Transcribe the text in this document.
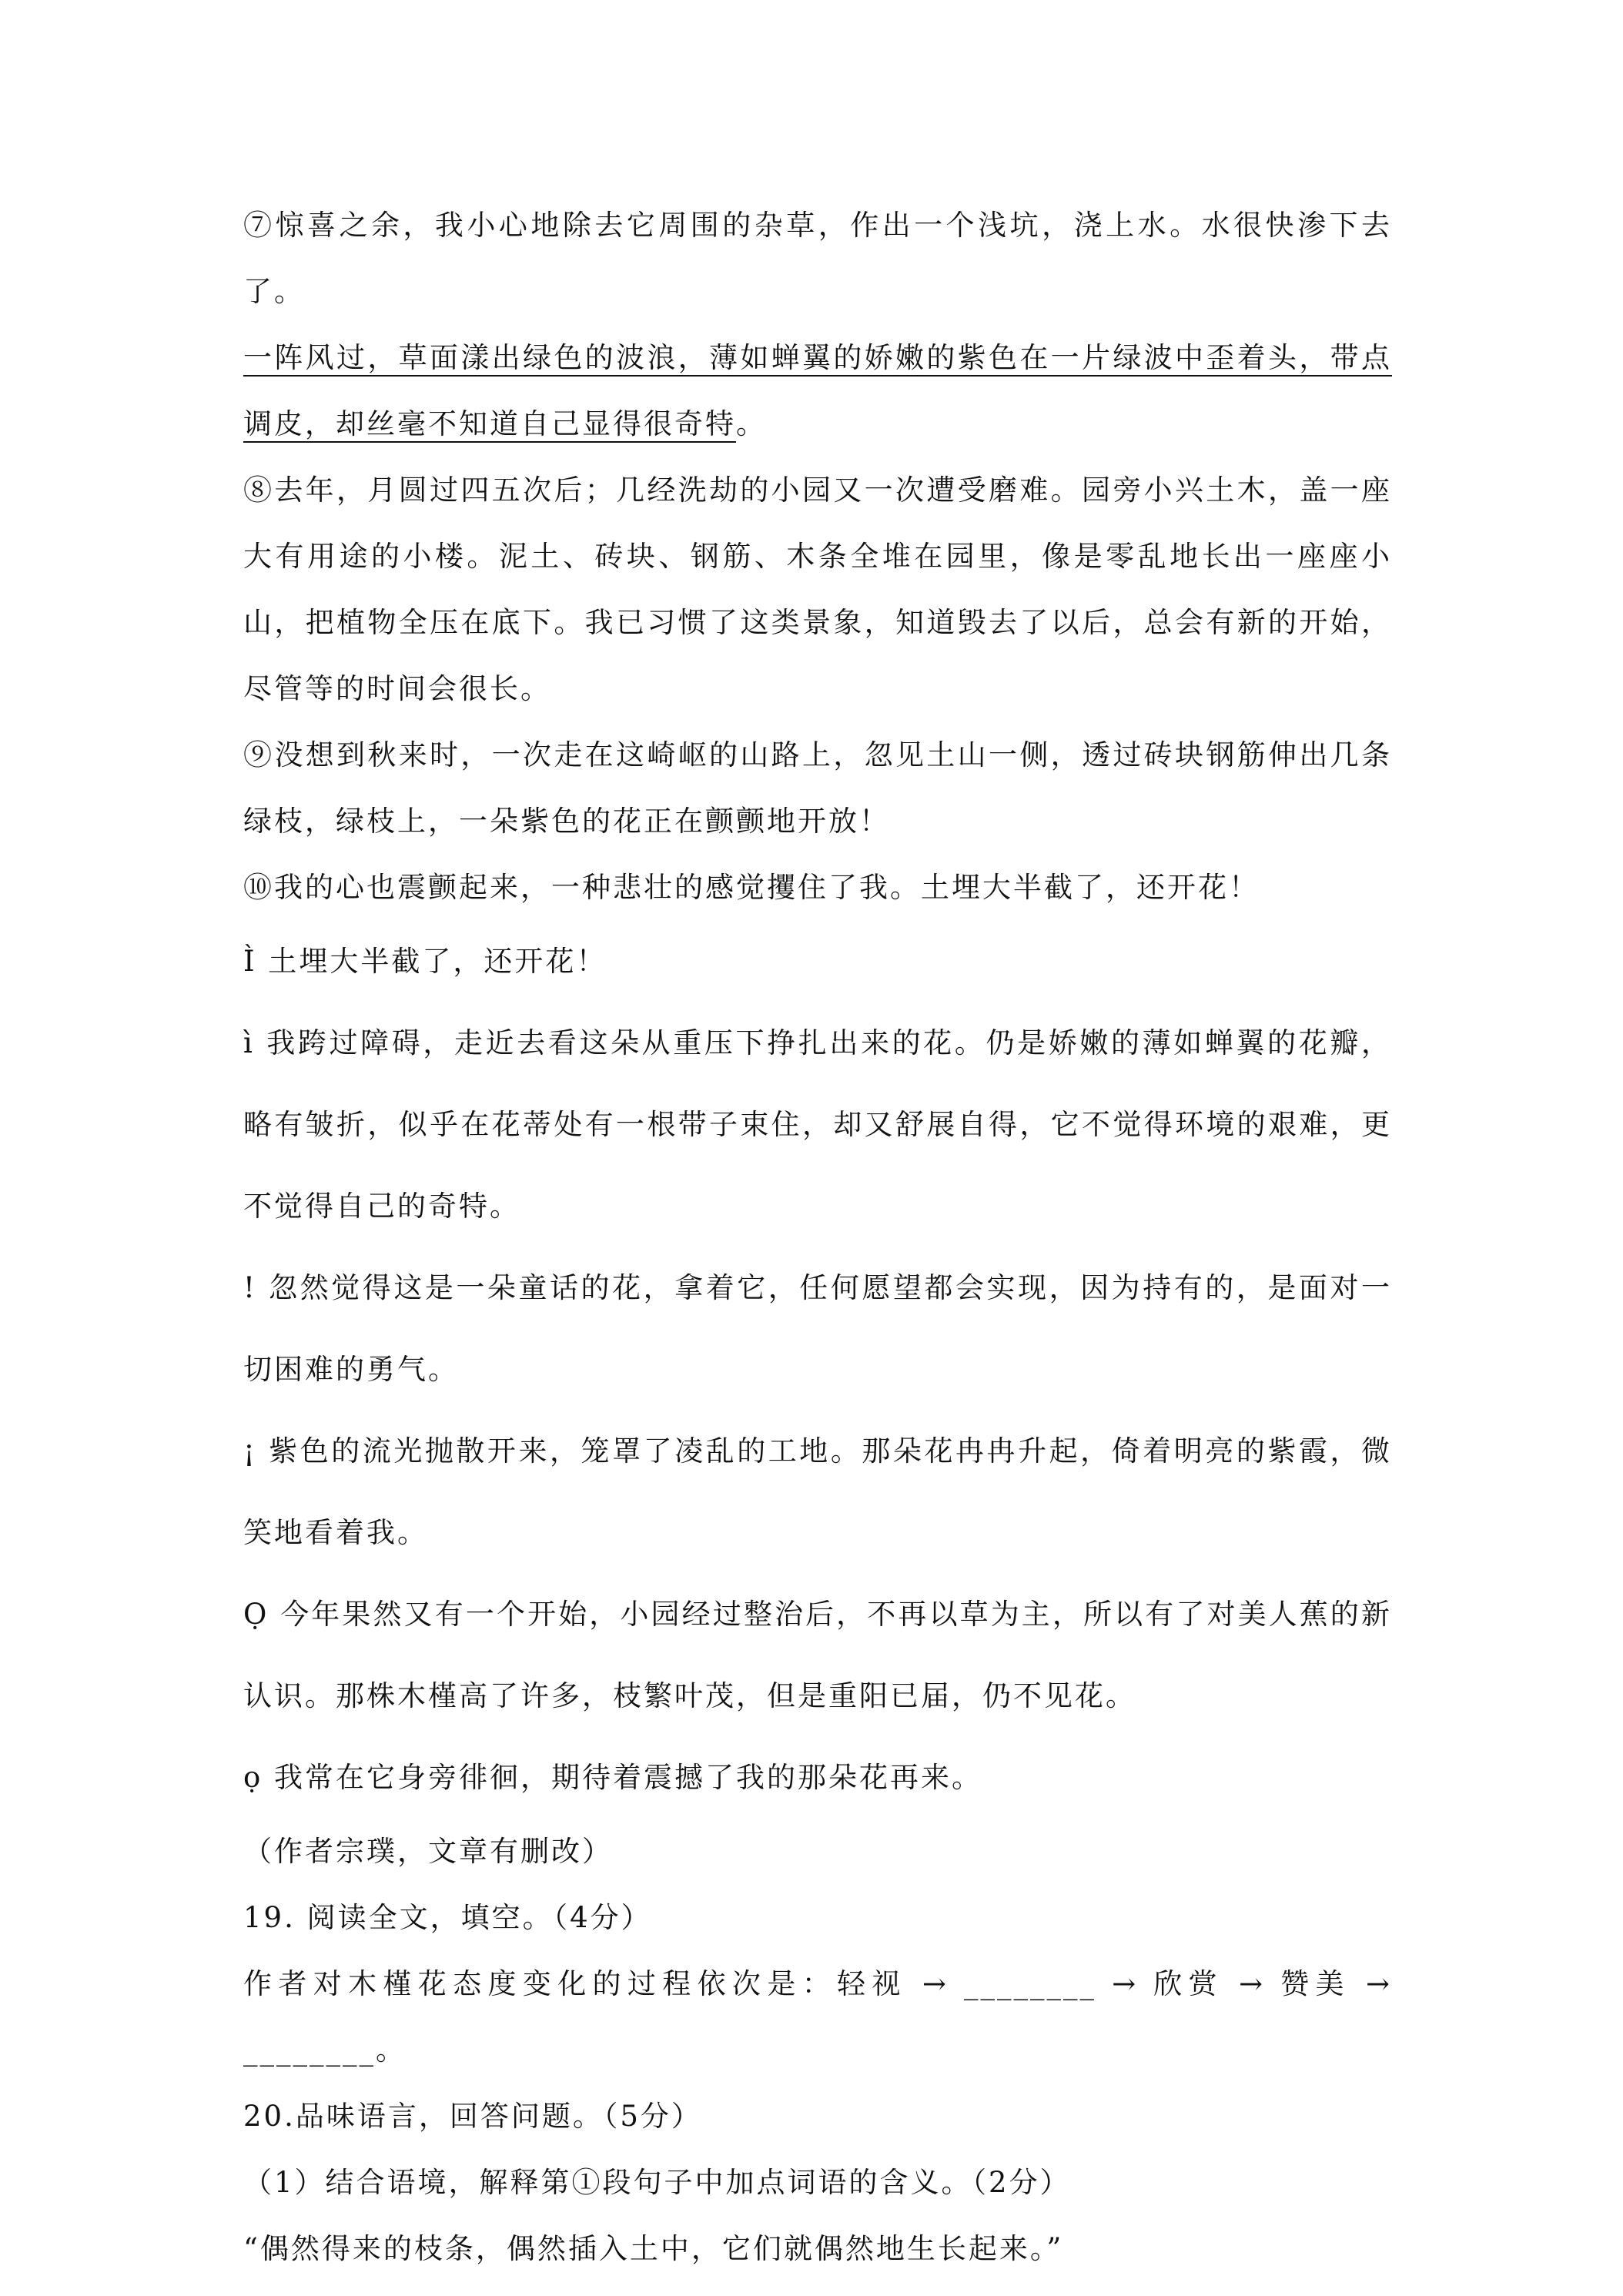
⑦惊喜之余，我小心地除去它周围的杂草，作出一个浅坑，浇上水。水很快渗下去了。

一阵风过，草面漾出绿色的波浪，薄如蝉翼的娇嫩的紫色在一片绿波中歪着头，带点调皮，却丝毫不知道自己显得很奇特。

⑧去年，月圆过四五次后；几经洗劫的小园又一次遭受磨难。园旁小兴土木，盖一座大有用途的小楼。泥土、砖块、钢筋、木条全堆在园里，像是零乱地长出一座座小山，把植物全压在底下。我已习惯了这类景象，知道毁去了以后，总会有新的开始，尽管等的时间会很长。

⑨没想到秋来时，一次走在这崎岖的山路上，忽见土山一侧，透过砖块钢筋伸出几条绿枝，绿枝上，一朵紫色的花正在颤颤地开放！

⑩我的心也震颤起来，一种悲壮的感觉攫住了我。土埋大半截了，还开花！

Ì 土埋大半截了，还开花！

ì 我跨过障碍，走近去看这朵从重压下挣扎出来的花。仍是娇嫩的薄如蝉翼的花瓣，略有皱折，似乎在花蒂处有一根带子束住，却又舒展自得，它不觉得环境的艰难，更不觉得自己的奇特。

! 忽然觉得这是一朵童话的花，拿着它，任何愿望都会实现，因为持有的，是面对一切困难的勇气。

¡ 紫色的流光抛散开来，笼罩了凌乱的工地。那朵花冉冉升起，倚着明亮的紫霞，微笑地看着我。

Ọ 今年果然又有一个开始，小园经过整治后，不再以草为主，所以有了对美人蕉的新认识。那株木槿高了许多，枝繁叶茂，但是重阳已届，仍不见花。

ọ 我常在它身旁徘徊，期待着震撼了我的那朵花再来。

（作者宗璞，文章有删改）

19. 阅读全文，填空。（4分）

作者对木槿花态度变化的过程依次是：轻视 → ________ → 欣赏 → 赞美 → ________。

20.品味语言，回答问题。（5分）

（1）结合语境，解释第①段句子中加点词语的含义。（2分）

“偶然得来的枝条，偶然插入土中，它们就偶然地生长起来。”
